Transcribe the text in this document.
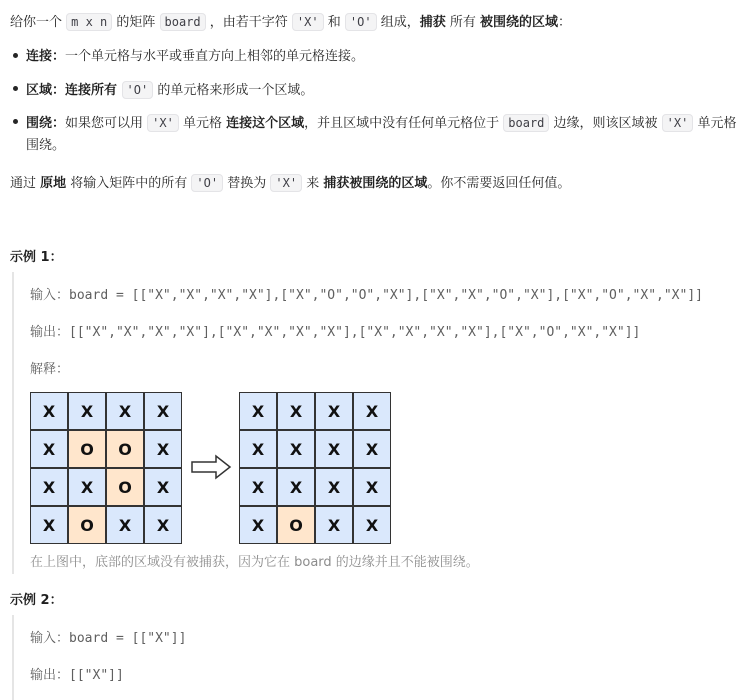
给你一个 m x n 的矩阵 board ，由若干字符 'X' 和 'O' 组成，捕获 所有 被围绕的区域：
连接：一个单元格与水平或垂直方向上相邻的单元格连接。
区域：连接所有 'O' 的单元格来形成一个区域。
围绕：如果您可以用 'X' 单元格 连接这个区域，并且区域中没有任何单元格位于 board 边缘，则该区域被 'X' 单元格围绕。
通过 原地 将输入矩阵中的所有 'O' 替换为 'X' 来 捕获被围绕的区域。你不需要返回任何值。
示例 1：
输入：board = [["X","X","X","X"],["X","O","O","X"],["X","X","O","X"],["X","O","X","X"]]
输出：[["X","X","X","X"],["X","X","X","X"],["X","X","X","X"],["X","O","X","X"]]
解释：
X	X	X	X
X	O	O	X
X	X	O	X
X	O	X	X
X	X	X	X
X	X	X	X
X	X	X	X
X	O	X	X
在上图中，底部的区域没有被捕获，因为它在 board 的边缘并且不能被围绕。
示例 2：
输入：board = [["X"]]
输出：[["X"]]
